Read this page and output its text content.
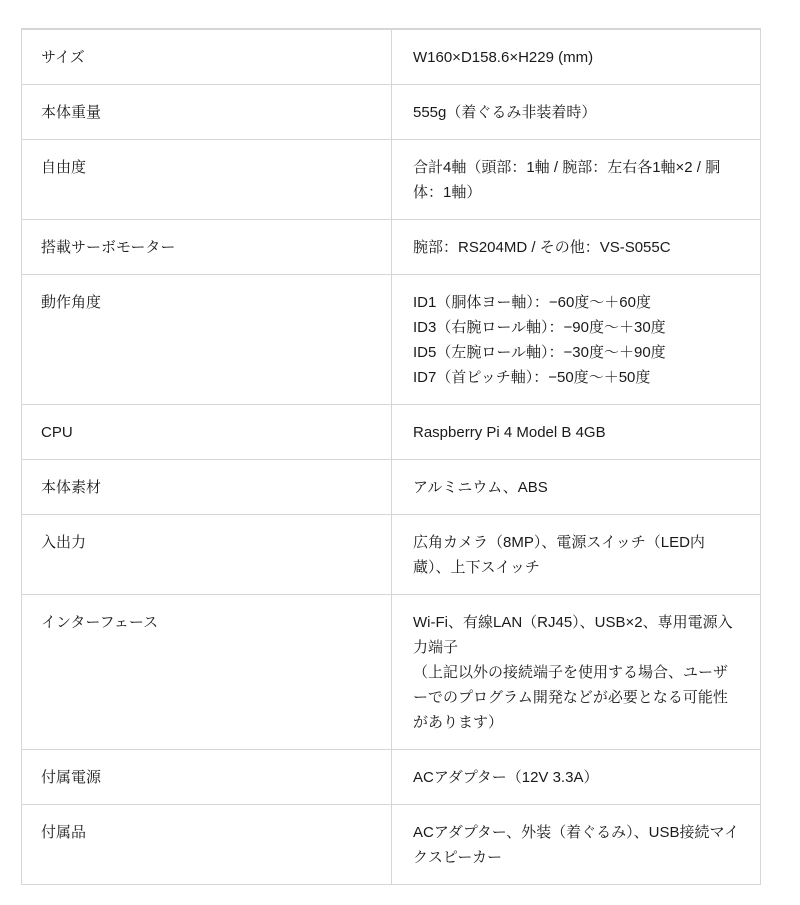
サイズ	W160×D158.6×H229 (mm)
本体重量	555g（着ぐるみ非装着時）
自由度	合計4軸（頭部：1軸 / 腕部：左右各1軸×2 / 胴体：1軸）
搭載サーボモーター	腕部：RS204MD / その他：VS-S055C
動作角度	ID1（胴体ヨー軸）：−60度〜＋60度
ID3（右腕ロール軸）：−90度〜＋30度
ID5（左腕ロール軸）：−30度〜＋90度
ID7（首ピッチ軸）：−50度〜＋50度
CPU	Raspberry Pi 4 Model B 4GB
本体素材	アルミニウム、ABS
入出力	広角カメラ（8MP）、電源スイッチ（LED内蔵）、上下スイッチ
インターフェース	Wi-Fi、有線LAN（RJ45）、USB×2、専用電源入力端子
（上記以外の接続端子を使用する場合、ユーザーでのプログラム開発などが必要となる可能性があります）
付属電源	ACアダプター（12V 3.3A）
付属品	ACアダプター、外装（着ぐるみ）、USB接続マイクスピーカー
